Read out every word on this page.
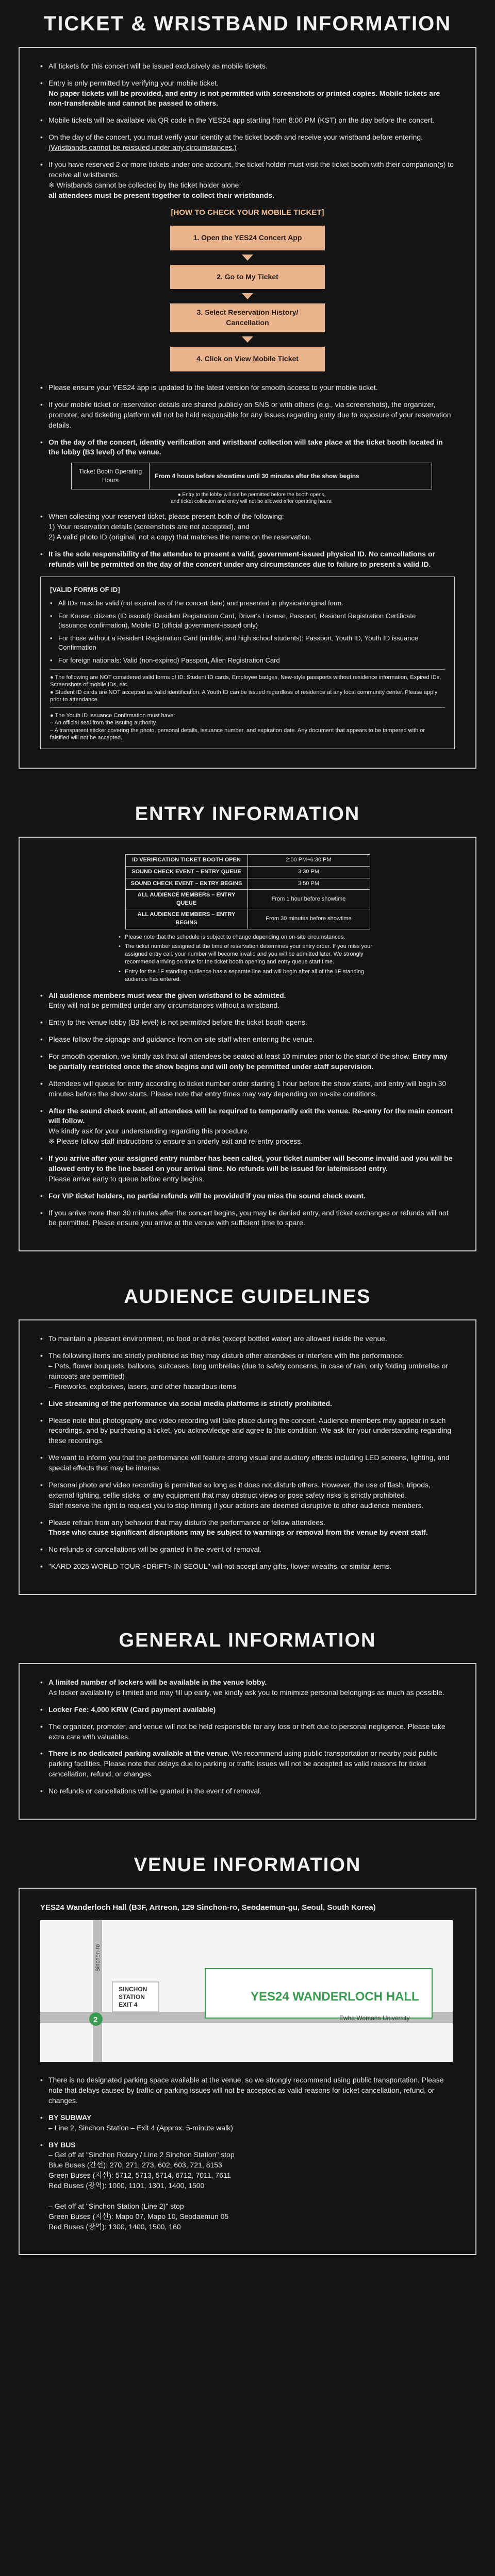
TICKET & WRISTBAND INFORMATION
• All tickets for this concert will be issued exclusively as mobile tickets.
• Entry is only permitted by verifying your mobile ticket.
No paper tickets will be provided, and entry is not permitted with screenshots or printed copies. Mobile tickets are non-transferable and cannot be passed to others.
• Mobile tickets will be available via QR code in the YES24 app starting from 8:00 PM (KST) on the day before the concert.
• On the day of the concert, you must verify your identity at the ticket booth and receive your wristband before entering.
(Wristbands cannot be reissued under any circumstances.)
• If you have reserved 2 or more tickets under one account, the ticket holder must visit the ticket booth with their companion(s) to receive all wristbands.
※ Wristbands cannot be collected by the ticket holder alone;
all attendees must be present together to collect their wristbands.
[HOW TO CHECK YOUR MOBILE TICKET]
1. Open the YES24 Concert App
2. Go to My Ticket
3. Select Reservation History/ Cancellation
4. Click on View Mobile Ticket
• Please ensure your YES24 app is updated to the latest version for smooth access to your mobile ticket.
• If your mobile ticket or reservation details are shared publicly on SNS or with others (e.g., via screenshots), the organizer, promoter, and ticketing platform will not be held responsible for any issues regarding entry due to exposure of your reservation details.
• On the day of the concert, identity verification and wristband collection will take place at the ticket booth located in the lobby (B3 level) of the venue.
Ticket Booth Operating Hours	From 4 hours before showtime until 30 minutes after the show begins
● Entry to the lobby will not be permitted before the booth opens,
and ticket collection and entry will not be allowed after operating hours.
• When collecting your reserved ticket, please present both of the following:
1) Your reservation details (screenshots are not accepted), and
2) A valid photo ID (original, not a copy) that matches the name on the reservation.
• It is the sole responsibility of the attendee to present a valid, government-issued physical ID. No cancellations or refunds will be permitted on the day of the concert under any circumstances due to failure to present a valid ID.
[VALID FORMS OF ID]
• All IDs must be valid (not expired as of the concert date) and presented in physical/original form.
• For Korean citizens (ID issued): Resident Registration Card, Driver's License, Passport, Resident Registration Certificate (issuance confirmation), Mobile ID (official government-issued only)
• For those without a Resident Registration Card (middle, and high school students): Passport, Youth ID, Youth ID issuance Confirmation
• For foreign nationals: Valid (non-expired) Passport, Alien Registration Card
● The following are NOT considered valid forms of ID: Student ID cards, Employee badges, New-style passports without residence information, Expired IDs, Screenshots of mobile IDs, etc.
● Student ID cards are NOT accepted as valid identification. A Youth ID can be issued regardless of residence at any local community center. Please apply prior to attendance.
● The Youth ID Issuance Confirmation must have:
– An official seal from the issuing authority
– A transparent sticker covering the photo, personal details, issuance number, and expiration date. Any document that appears to be tampered with or falsified will not be accepted.
ENTRY INFORMATION
ID VERIFICATION TICKET BOOTH OPEN	2:00 PM~6:30 PM
SOUND CHECK EVENT – ENTRY QUEUE	3:30 PM
SOUND CHECK EVENT – ENTRY BEGINS	3:50 PM
ALL AUDIENCE MEMBERS – ENTRY QUEUE	From 1 hour before showtime
ALL AUDIENCE MEMBERS – ENTRY BEGINS	From 30 minutes before showtime
• Please note that the schedule is subject to change depending on on-site circumstances.
• The ticket number assigned at the time of reservation determines your entry order. If you miss your assigned entry call, your number will become invalid and you will be admitted later. We strongly recommend arriving on time for the ticket booth opening and entry queue start time.
• Entry for the 1F standing audience has a separate line and will begin after all of the 1F standing audience has entered.
• All audience members must wear the given wristband to be admitted.
Entry will not be permitted under any circumstances without a wristband.
• Entry to the venue lobby (B3 level) is not permitted before the ticket booth opens.
• Please follow the signage and guidance from on-site staff when entering the venue.
• For smooth operation, we kindly ask that all attendees be seated at least 10 minutes prior to the start of the show. Entry may be partially restricted once the show begins and will only be permitted under staff supervision.
• Attendees will queue for entry according to ticket number order starting 1 hour before the show starts, and entry will begin 30 minutes before the show starts. Please note that entry times may vary depending on on-site conditions.
• After the sound check event, all attendees will be required to temporarily exit the venue. Re-entry for the main concert will follow.
We kindly ask for your understanding regarding this procedure.
※ Please follow staff instructions to ensure an orderly exit and re-entry process.
• If you arrive after your assigned entry number has been called, your ticket number will become invalid and you will be allowed entry to the line based on your arrival time. No refunds will be issued for late/missed entry.
Please arrive early to queue before entry begins.
• For VIP ticket holders, no partial refunds will be provided if you miss the sound check event.
• If you arrive more than 30 minutes after the concert begins, you may be denied entry, and ticket exchanges or refunds will not be permitted. Please ensure you arrive at the venue with sufficient time to spare.
AUDIENCE GUIDELINES
• To maintain a pleasant environment, no food or drinks (except bottled water) are allowed inside the venue.
• The following items are strictly prohibited as they may disturb other attendees or interfere with the performance:
– Pets, flower bouquets, balloons, suitcases, long umbrellas (due to safety concerns, in case of rain, only folding umbrellas or raincoats are permitted)
– Fireworks, explosives, lasers, and other hazardous items
• Live streaming of the performance via social media platforms is strictly prohibited.
• Please note that photography and video recording will take place during the concert. Audience members may appear in such recordings, and by purchasing a ticket, you acknowledge and agree to this condition. We ask for your understanding regarding these recordings.
• We want to inform you that the performance will feature strong visual and auditory effects including LED screens, lighting, and special effects that may be intense.
• Personal photo and video recording is permitted so long as it does not disturb others. However, the use of flash, tripods, external lighting, selfie sticks, or any equipment that may obstruct views or pose safety risks is strictly prohibited.
Staff reserve the right to request you to stop filming if your actions are deemed disruptive to other audience members.
• Please refrain from any behavior that may disturb the performance or fellow attendees.
Those who cause significant disruptions may be subject to warnings or removal from the venue by event staff.
• No refunds or cancellations will be granted in the event of removal.
• "KARD 2025 WORLD TOUR <DRIFT> IN SEOUL" will not accept any gifts, flower wreaths, or similar items.
GENERAL INFORMATION
• A limited number of lockers will be available in the venue lobby.
As locker availability is limited and may fill up early, we kindly ask you to minimize personal belongings as much as possible.
• Locker Fee: 4,000 KRW (Card payment available)
• The organizer, promoter, and venue will not be held responsible for any loss or theft due to personal negligence. Please take extra care with valuables.
• There is no dedicated parking available at the venue. We recommend using public transportation or nearby paid public parking facilities. Please note that delays due to parking or traffic issues will not be accepted as valid reasons for ticket cancellation, refund, or changes.
• No refunds or cancellations will be granted in the event of removal.
VENUE INFORMATION
YES24 Wanderloch Hall (B3F, Artreon, 129 Sinchon-ro, Seodaemun-gu, Seoul, South Korea)
2
YES24 WANDERLOCH HALL
SINCHON
STATION
EXIT 4
Ewha Womans University
Sinchon-ro
• There is no designated parking space available at the venue, so we strongly recommend using public transportation. Please note that delays caused by traffic or parking issues will not be accepted as valid reasons for ticket cancellation, refund, or changes.
• BY SUBWAY
– Line 2, Sinchon Station – Exit 4 (Approx. 5-minute walk)
• BY BUS
– Get off at "Sinchon Rotary / Line 2 Sinchon Station" stop
Blue Buses (간선): 270, 271, 273, 602, 603, 721, 8153
Green Buses (지선): 5712, 5713, 5714, 6712, 7011, 7611
Red Buses (광역): 1000, 1101, 1301, 1400, 1500

– Get off at "Sinchon Station (Line 2)" stop
Green Buses (지선): Mapo 07, Mapo 10, Seodaemun 05
Red Buses (광역): 1300, 1400, 1500, 160
